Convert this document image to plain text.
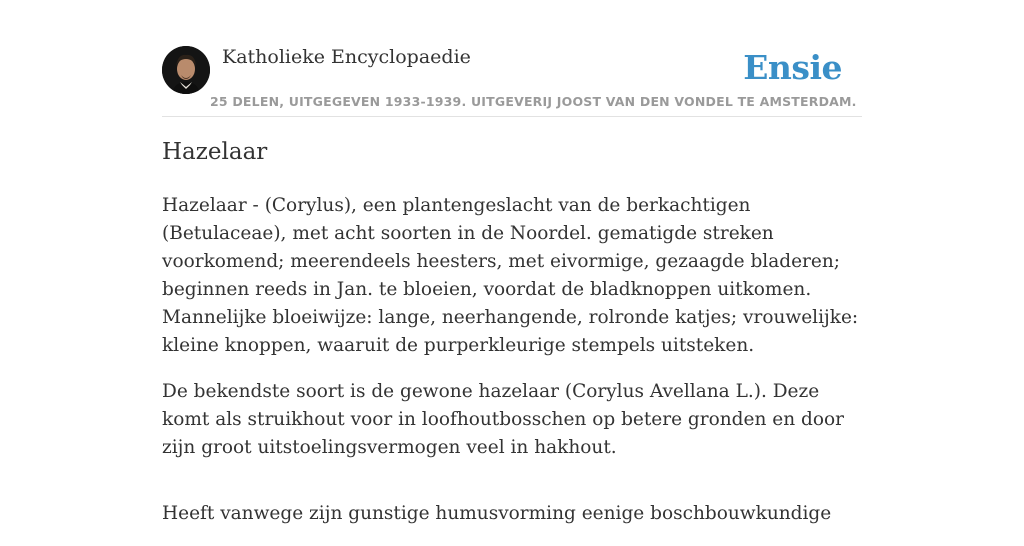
Katholieke Encyclopaedie
25 DELEN, UITGEGEVEN 1933-1939. UITGEVERIJ JOOST VAN DEN VONDEL TE AMSTERDAM.
Ensie
Hazelaar

Hazelaar - (Corylus), een plantengeslacht van de berkachtigen (Betulaceae), met acht soorten in de Noordel. gematigde streken voorkomend; meerendeels heesters, met eivormige, gezaagde bladeren; beginnen reeds in Jan. te bloeien, voordat de bladknoppen uitkomen. Mannelijke bloeiwijze: lange, neerhangende, rolronde katjes; vrouwelijke: kleine knoppen, waaruit de purperkleurige stempels uitsteken.

De bekendste soort is de gewone hazelaar (Corylus Avellana L.). Deze komt als struikhout voor in loofhoutbosschen op betere gronden en door zijn groot uitstoelingsvermogen veel in hakhout.

Heeft vanwege zijn gunstige humusvorming eenige boschbouwkundige
